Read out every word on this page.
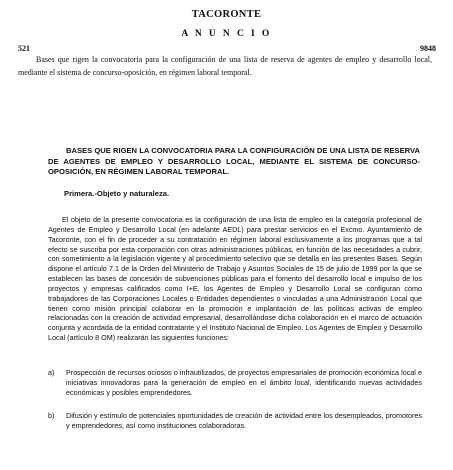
TACORONTE
A N U N C I O
521	9848
Bases que rigen la convocatoria para la configuración de una lista de reserva de agentes de empleo y desarrollo local, mediante el sistema de concurso-oposición, en régimen laboral temporal.
BASES QUE RIGEN LA CONVOCATORIA PARA LA CONFIGURACIÓN DE UNA LISTA DE RESERVA DE AGENTES DE EMPLEO Y DESARROLLO LOCAL, MEDIANTE EL SISTEMA DE CONCURSO-OPOSICIÓN, EN RÉGIMEN LABORAL TEMPORAL.
Primera.-Objeto y naturaleza.
El objeto de la presente convocatoria es la configuración de una lista de empleo en la categoría profesional de Agentes de Empleo y Desarrollo Local (en adelante AEDL) para prestar servicios en el Excmo. Ayuntamiento de Tacoronte, con el fin de proceder a su contratación en régimen laboral exclusivamente a los programas que a tal efecto se suscriba por esta corporación con otras administraciones públicas, en función de las necesidades a cubrir, con sometimiento a la legislación vigente y al procedimiento selectivo que se detalla en las presentes Bases. Según dispone el artículo 7.1 de la Orden del Ministerio de Trabajo y Asuntos Sociales de 15 de julio de 1999 por la que se establecen las bases de concesión de subvenciones públicas para el fomento del desarrollo local e impulso de los proyectos y empresas calificados como I+E, los Agentes de Empleo y Desarrollo Local se configuran como trabajadores de las Corporaciones Locales o Entidades dependientes o vinculadas a una Administración Local que tienen como misión principal colaborar en la promoción e implantación de las políticas activas de empleo relacionadas con la creación de actividad empresarial, desarrollándose dicha colaboración en el marco de actuación conjunta y acordada de la entidad contratante y el Instituto Nacional de Empleo. Los Agentes de Empleo y Desarrollo Local (artículo 8 OM) realizarán las siguientes funciones:
a)	Prospección de recursos ociosos o infrautilizados, de proyectos empresariales de promoción económica local e iniciativas innovadoras para la generación de empleo en el ámbito local, identificando nuevas actividades económicas y posibles emprendedores.
b)	Difusión y estímulo de potenciales oportunidades de creación de actividad entre los desempleados, promotores y emprendedores, así como instituciones colaboradoras.
